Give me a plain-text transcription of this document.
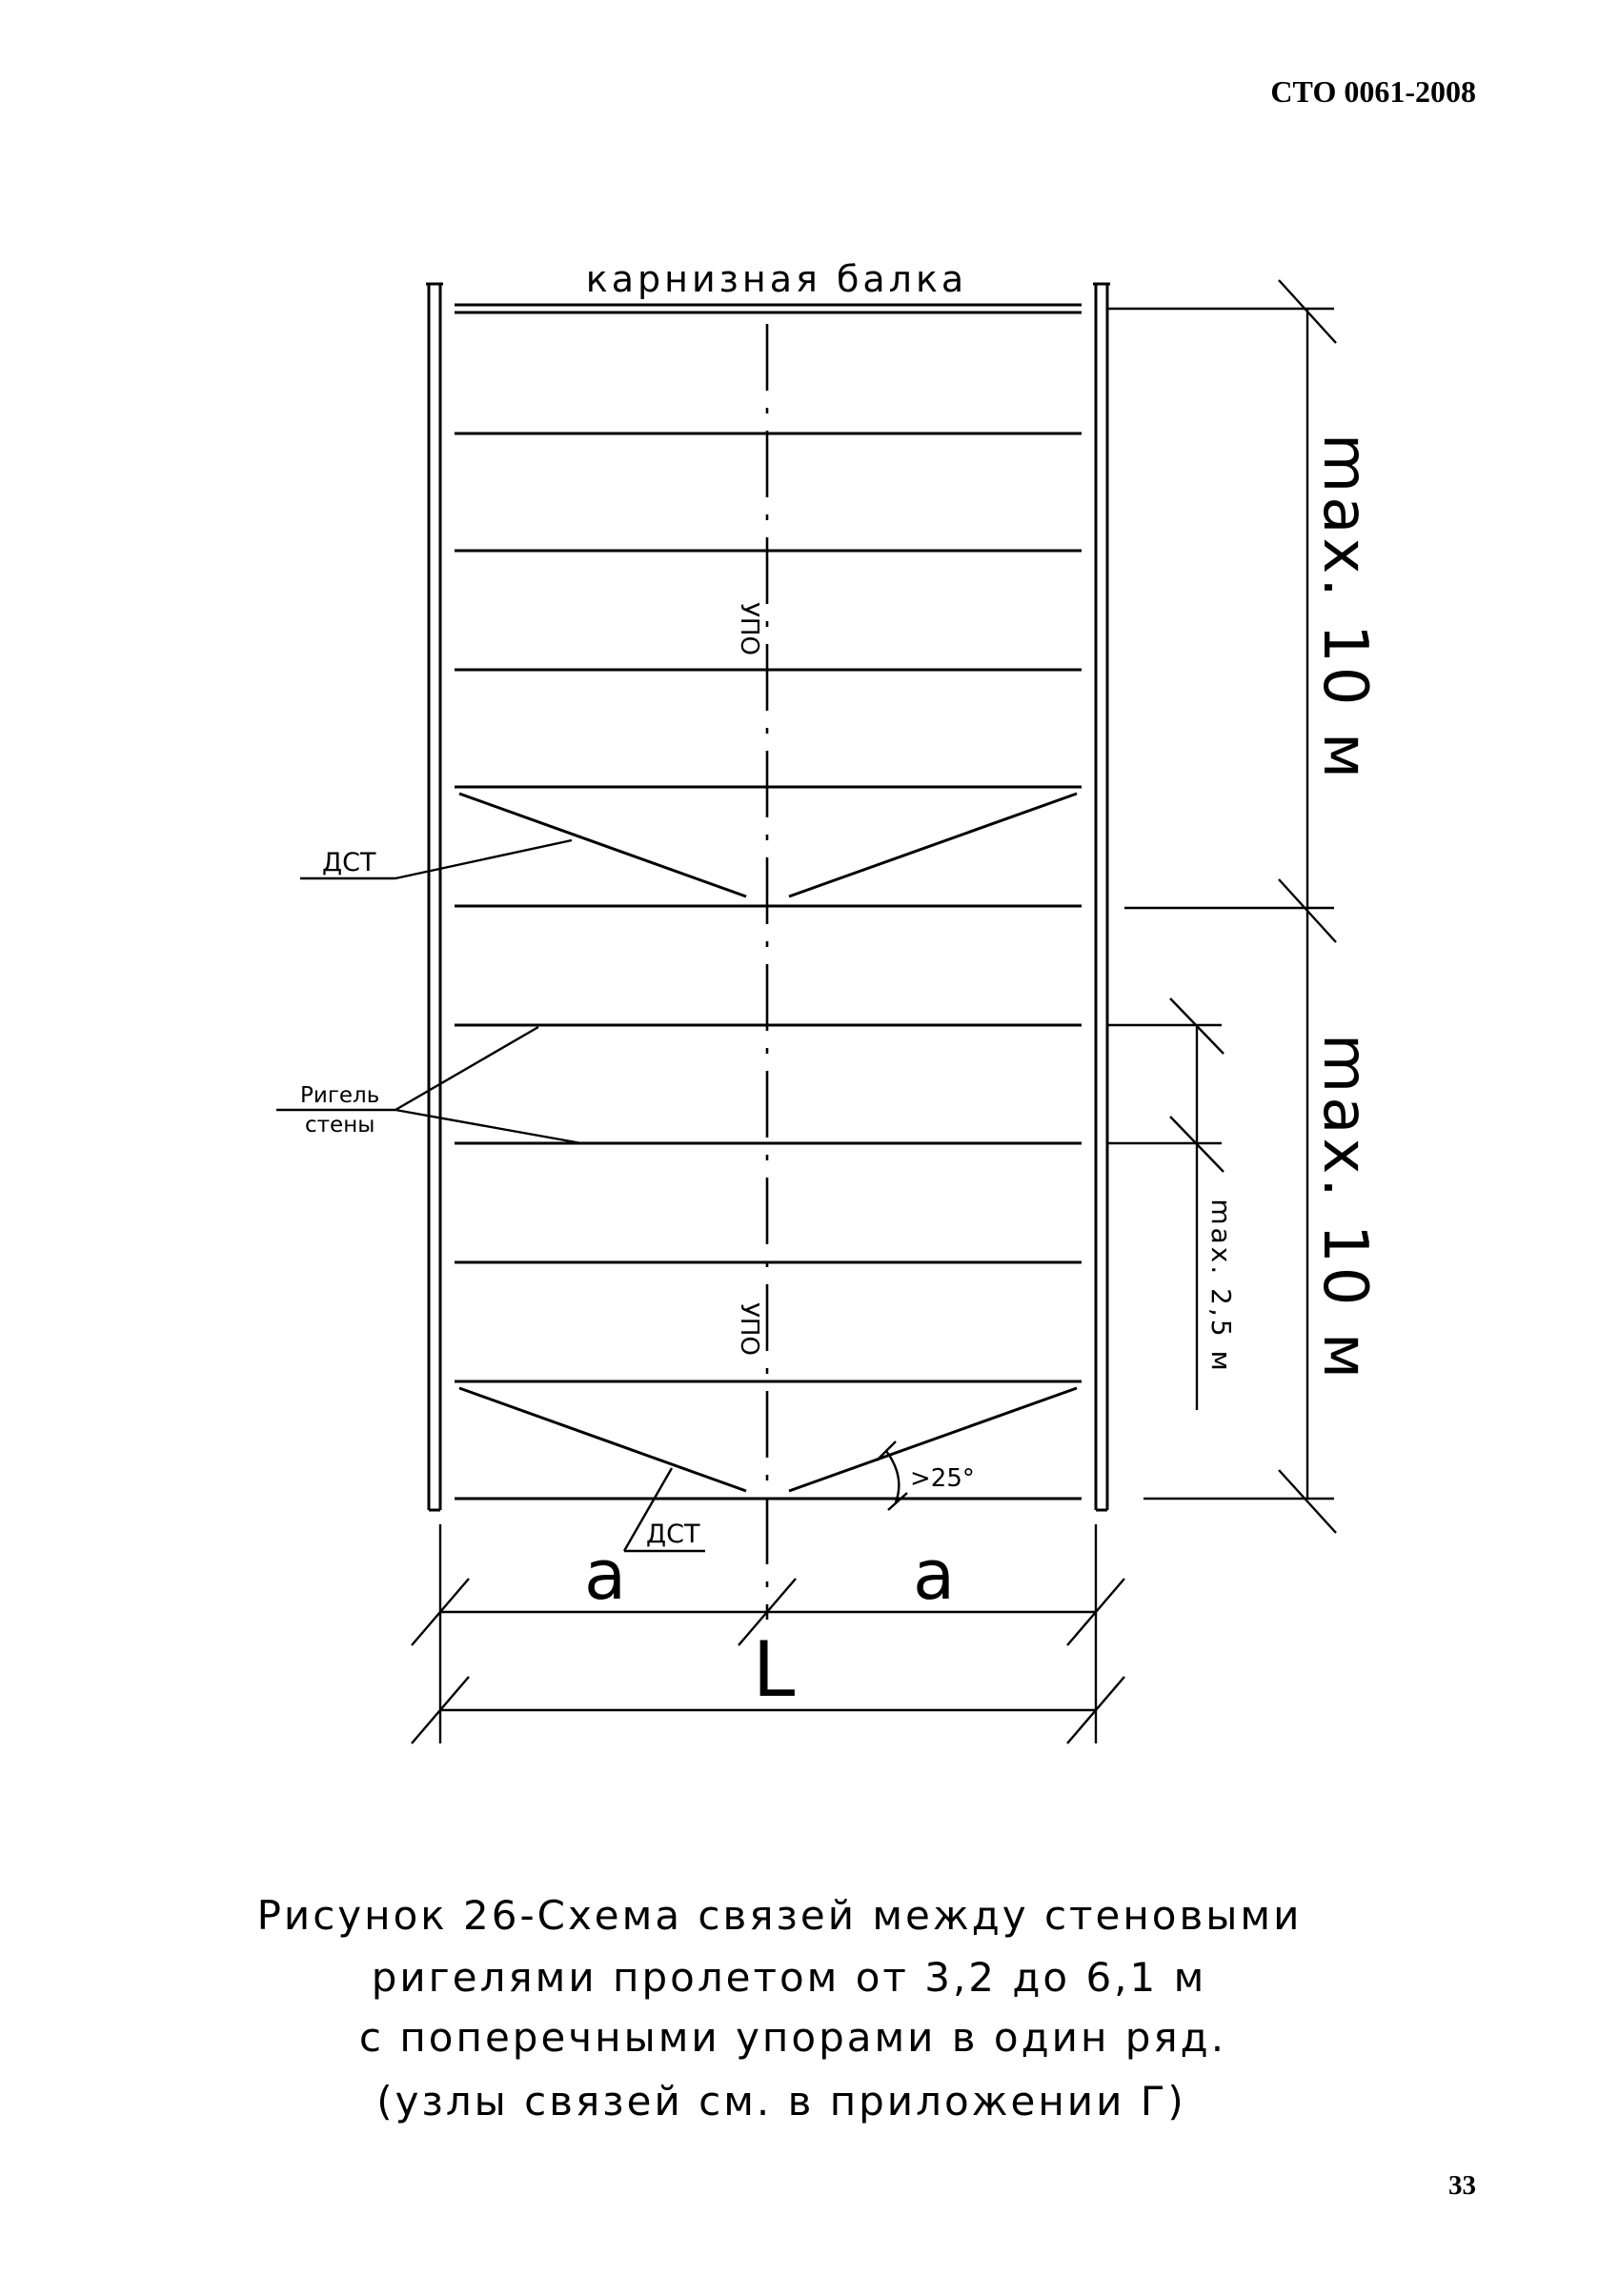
СТО 0061-2008
карнизная балка
УПО
УПО
ДСТ
Ригель
стены
ДСТ
>25°
max. 10 м
max. 10 м
max. 2,5 м
a	a
L
Рисунок 26-Схема связей между стеновыми
ригелями пролетом от 3,2 до 6,1 м
с поперечными упорами в один ряд.
(узлы связей см. в приложении Г)
33
